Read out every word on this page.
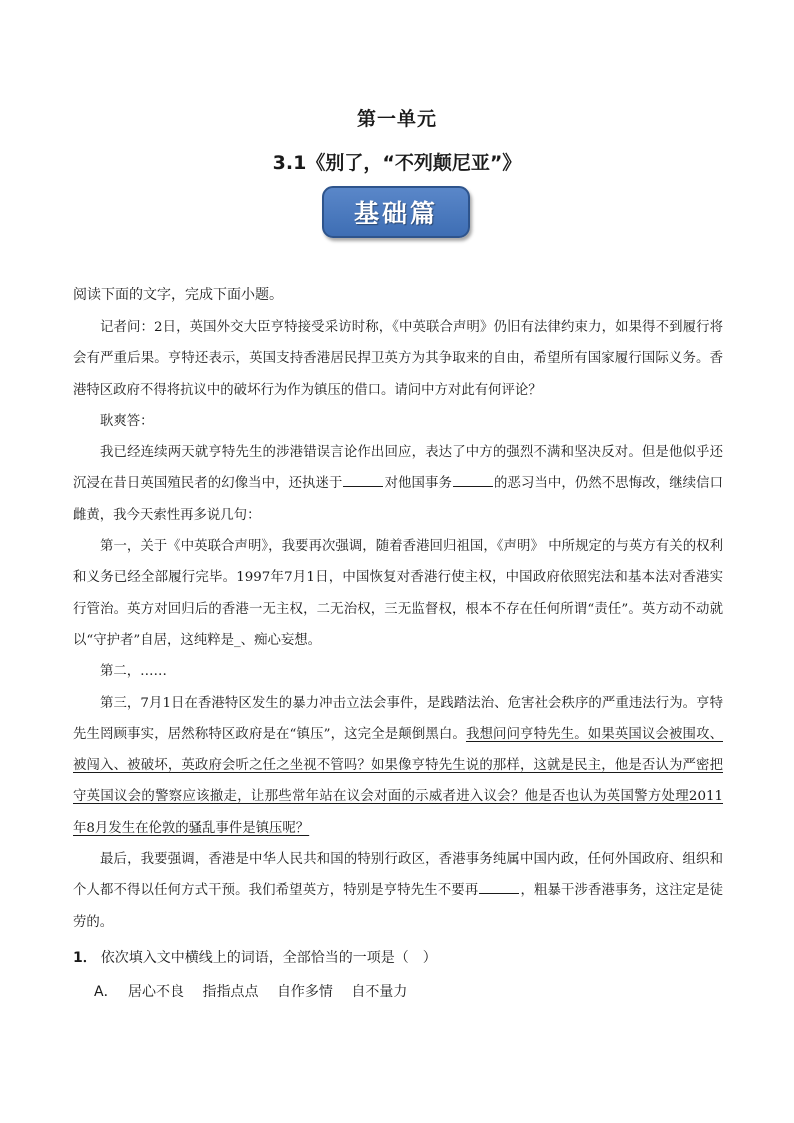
第一单元
3.1《别了，“不列颠尼亚”》
基础篇
阅读下面的文字，完成下面小题。

记者问：2日，英国外交大臣亨特接受采访时称，《中英联合声明》仍旧有法律约束力，如果得不到履行将会有严重后果。亨特还表示，英国支持香港居民捍卫英方为其争取来的自由，希望所有国家履行国际义务。香港特区政府不得将抗议中的破坏行为作为镇压的借口。请问中方对此有何评论？

耿爽答：

我已经连续两天就亨特先生的涉港错误言论作出回应，表达了中方的强烈不满和坚决反对。但是他似乎还沉浸在昔日英国殖民者的幻像当中，还执迷于	对他国事务	的恶习当中，仍然不思悔改，继续信口雌黄，我今天索性再多说几句：

第一，关于《中英联合声明》，我要再次强调，随着香港回归祖国，《声明》 中所规定的与英方有关的权利和义务已经全部履行完毕。1997年7月1日，中国恢复对香港行使主权，中国政府依照宪法和基本法对香港实行管治。英方对回归后的香港一无主权，二无治权，三无监督权，根本不存在任何所谓“责任”。英方动不动就以“守护者”自居，这纯粹是_、痴心妄想。

第二，……

第三，7月1日在香港特区发生的暴力冲击立法会事件，是践踏法治、危害社会秩序的严重违法行为。亨特先生罔顾事实，居然称特区政府是在“镇压”，这完全是颠倒黑白。我想问问亨特先生。如果英国议会被围攻、被闯入、被破坏，英政府会听之任之坐视不管吗？如果像亨特先生说的那样，这就是民主，他是否认为严密把守英国议会的警察应该撤走，让那些常年站在议会对面的示威者进入议会？他是否也认为英国警方处理2011年8月发生在伦敦的骚乱事件是镇压呢？

最后，我要强调，香港是中华人民共和国的特别行政区，香港事务纯属中国内政，任何外国政府、组织和个人都不得以任何方式干预。我们希望英方，特别是亨特先生不要再	，粗暴干涉香港事务，这注定是徒劳的。

1． 依次填入文中横线上的词语，全部恰当的一项是（　）
A． 居心不良 指指点点 自作多情 自不量力
